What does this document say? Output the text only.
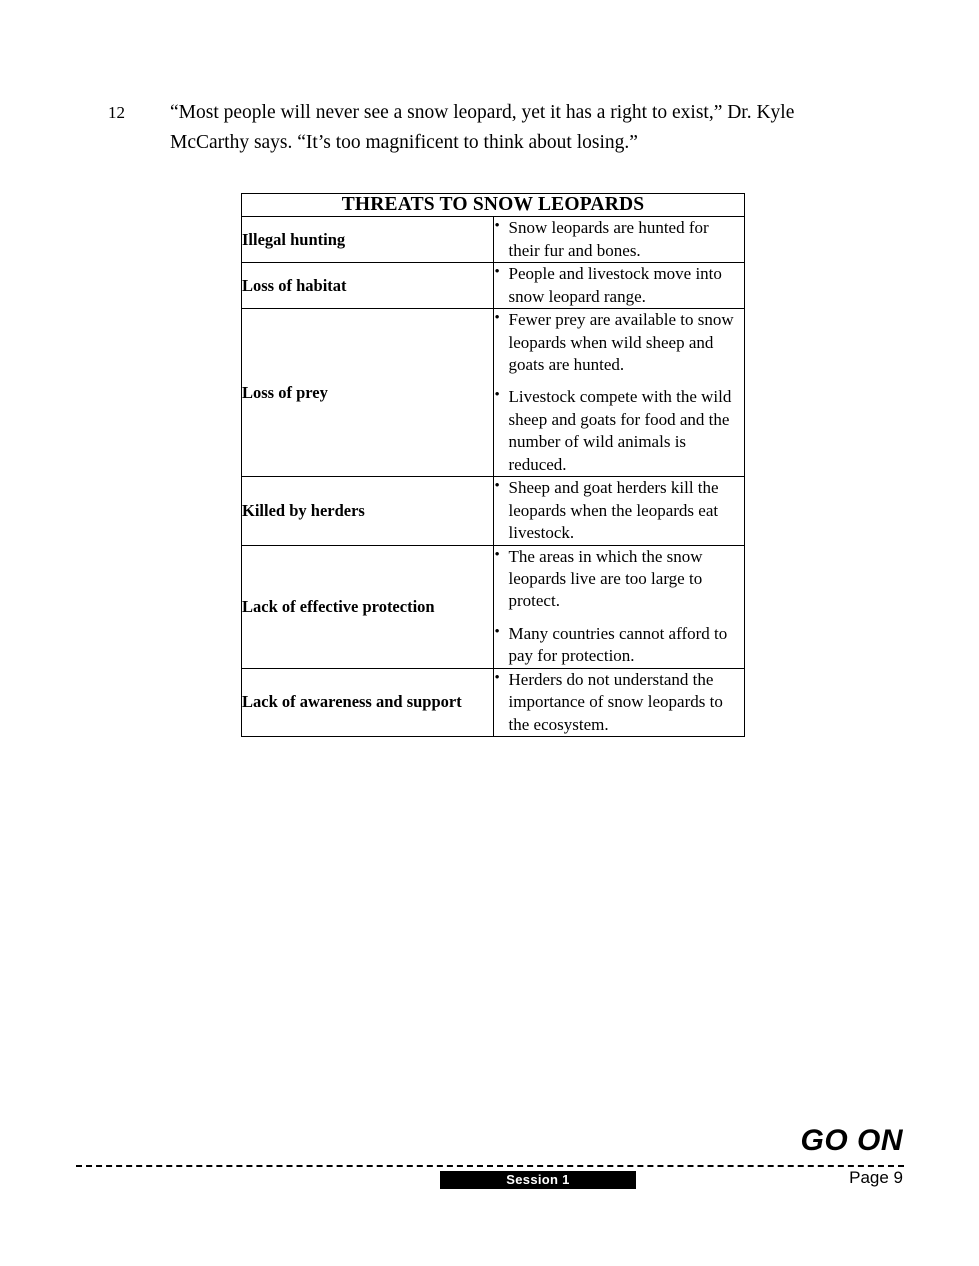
12	“Most people will never see a snow leopard, yet it has a right to exist,” Dr. Kyle McCarthy says. “It’s too magnificent to think about losing.”
THREATS TO SNOW LEOPARDS	
Illegal hunting	
• Snow leopards are hunted for their fur and bones.

Loss of habitat	
• People and livestock move into snow leopard range.

Loss of prey	
• Fewer prey are available to snow leopards when wild sheep and goats are hunted.
• Livestock compete with the wild sheep and goats for food and the number of wild animals is reduced.

Killed by herders	
• Sheep and goat herders kill the leopards when the leopards eat livestock.

Lack of effective protection	
• The areas in which the snow leopards live are too large to protect.
• Many countries cannot afford to pay for protection.

Lack of awareness and support	
• Herders do not understand the importance of snow leopards to the ecosystem.
GO ON
Session 1	Page 9
